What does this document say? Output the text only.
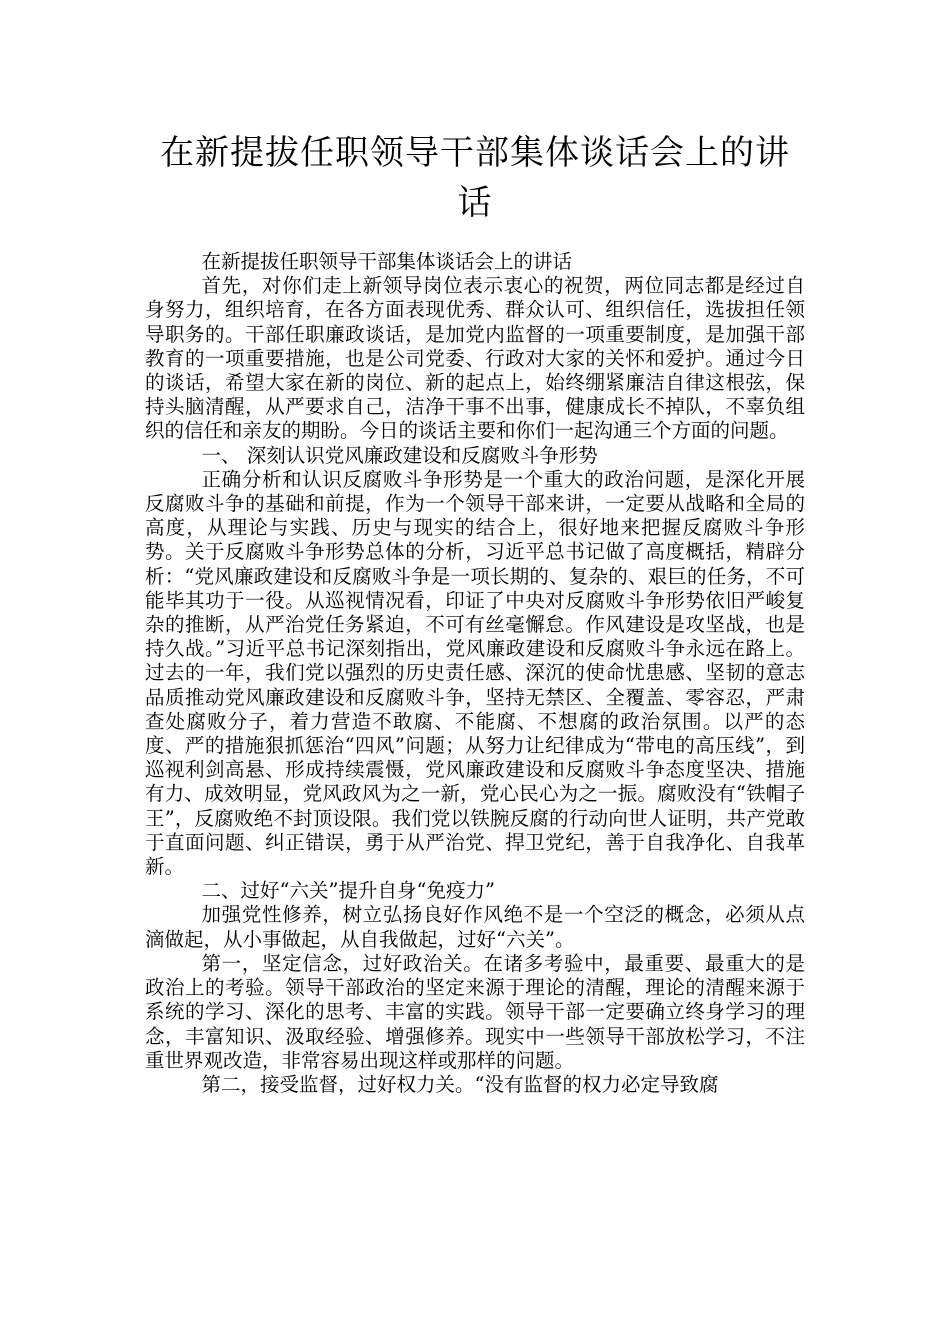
在新提拔任职领导干部集体谈话会上的讲话

在新提拔任职领导干部集体谈话会上的讲话

首先，对你们走上新领导岗位表示衷心的祝贺，两位同志都是经过自身努力，组织培育，在各方面表现优秀、群众认可、组织信任，选拔担任领导职务的。干部任职廉政谈话，是加党内监督的一项重要制度，是加强干部教育的一项重要措施，也是公司党委、行政对大家的关怀和爱护。通过今日的谈话，希望大家在新的岗位、新的起点上，始终绷紧廉洁自律这根弦，保持头脑清醒，从严要求自己，洁净干事不出事，健康成长不掉队，不辜负组织的信任和亲友的期盼。今日的谈话主要和你们一起沟通三个方面的问题。

一、 深刻认识党风廉政建设和反腐败斗争形势

正确分析和认识反腐败斗争形势是一个重大的政治问题，是深化开展反腐败斗争的基础和前提，作为一个领导干部来讲，一定要从战略和全局的高度，从理论与实践、历史与现实的结合上，很好地来把握反腐败斗争形势。关于反腐败斗争形势总体的分析，习近平总书记做了高度概括，精辟分析：“党风廉政建设和反腐败斗争是一项长期的、复杂的、艰巨的任务，不可能毕其功于一役。从巡视情况看，印证了中央对反腐败斗争形势依旧严峻复杂的推断，从严治党任务紧迫，不可有丝毫懈怠。作风建设是攻坚战，也是持久战。”习近平总书记深刻指出，党风廉政建设和反腐败斗争永远在路上。过去的一年，我们党以强烈的历史责任感、深沉的使命忧患感、坚韧的意志品质推动党风廉政建设和反腐败斗争，坚持无禁区、全覆盖、零容忍，严肃查处腐败分子，着力营造不敢腐、不能腐、不想腐的政治氛围。以严的态度、严的措施狠抓惩治“四风”问题；从努力让纪律成为“带电的高压线”，到巡视利剑高悬、形成持续震慑，党风廉政建设和反腐败斗争态度坚决、措施有力、成效明显，党风政风为之一新，党心民心为之一振。腐败没有“铁帽子王”，反腐败绝不封顶设限。我们党以铁腕反腐的行动向世人证明，共产党敢于直面问题、纠正错误，勇于从严治党、捍卫党纪，善于自我净化、自我革新。

二、过好“六关”提升自身“免疫力”

加强党性修养，树立弘扬良好作风绝不是一个空泛的概念，必须从点滴做起，从小事做起，从自我做起，过好“六关”。

第一，坚定信念，过好政治关。在诸多考验中，最重要、最重大的是政治上的考验。领导干部政治的坚定来源于理论的清醒，理论的清醒来源于系统的学习、深化的思考、丰富的实践。领导干部一定要确立终身学习的理念，丰富知识、汲取经验、增强修养。现实中一些领导干部放松学习，不注重世界观改造，非常容易出现这样或那样的问题。

第二，接受监督，过好权力关。“没有监督的权力必定导致腐
